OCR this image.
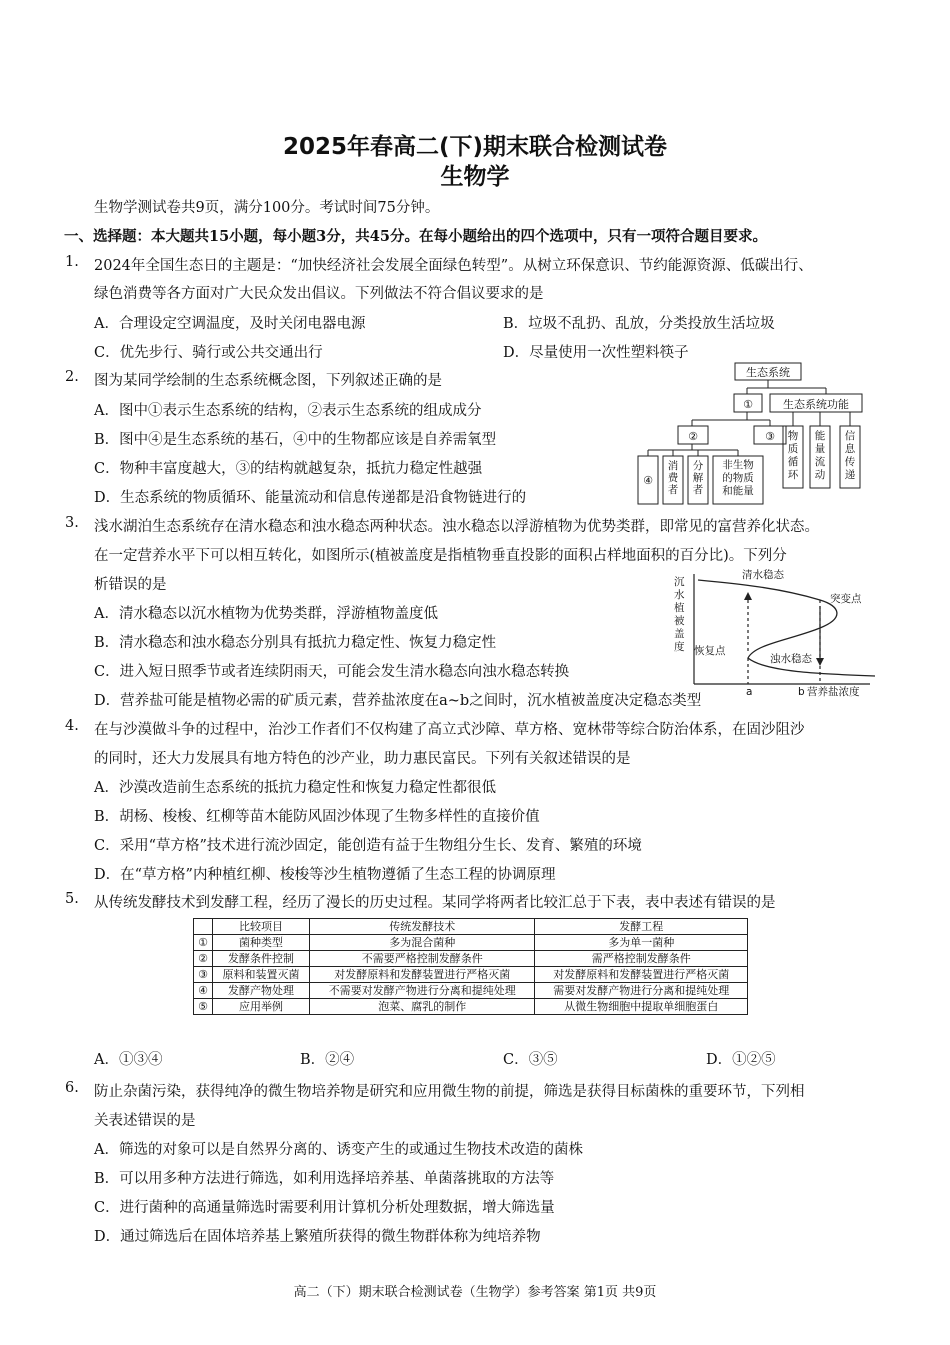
2025年春高二(下)期末联合检测试卷
生物学
生物学测试卷共9页，满分100分。考试时间75分钟。
一、选择题：本大题共15小题，每小题3分，共45分。在每小题给出的四个选项中，只有一项符合题目要求。
1. 2024年全国生态日的主题是：“加快经济社会发展全面绿色转型”。从树立环保意识、节约能源资源、低碳出行、
绿色消费等各方面对广大民众发出倡议。下列做法不符合倡议要求的是
A．合理设定空调温度，及时关闭电器电源	B．垃圾不乱扔、乱放，分类投放生活垃圾
C．优先步行、骑行或公共交通出行	D．尽量使用一次性塑料筷子
2. 图为某同学绘制的生态系统概念图，下列叙述正确的是
A．图中①表示生态系统的结构，②表示生态系统的组成成分
B．图中④是生态系统的基石，④中的生物都应该是自养需氧型
C．物种丰富度越大，③的结构就越复杂，抵抗力稳定性越强
D．生态系统的物质循环、能量流动和信息传递都是沿食物链进行的
生态系统
①	生态系统功能
②	③
④
消费者
分解者
非生物的物质和能量
物质循环
能量流动
信息传递
3. 浅水湖泊生态系统存在清水稳态和浊水稳态两种状态。浊水稳态以浮游植物为优势类群，即常见的富营养化状态。
在一定营养水平下可以相互转化，如图所示(植被盖度是指植物垂直投影的面积占样地面积的百分比)。下列分
析错误的是
A．清水稳态以沉水植物为优势类群，浮游植物盖度低
B．清水稳态和浊水稳态分别具有抵抗力稳定性、恢复力稳定性
C．进入短日照季节或者连续阴雨天，可能会发生清水稳态向浊水稳态转换
D．营养盐可能是植物必需的矿质元素，营养盐浓度在a~b之间时，沉水植被盖度决定稳态类型
清水稳态
突变点
恢复点
浊水稳态
a	b 营养盐浓度
沉水植被盖度
4. 在与沙漠做斗争的过程中，治沙工作者们不仅构建了高立式沙障、草方格、宽林带等综合防治体系，在固沙阻沙
的同时，还大力发展具有地方特色的沙产业，助力惠民富民。下列有关叙述错误的是
A．沙漠改造前生态系统的抵抗力稳定性和恢复力稳定性都很低
B．胡杨、梭梭、红柳等苗木能防风固沙体现了生物多样性的直接价值
C．采用“草方格”技术进行流沙固定，能创造有益于生物组分生长、发育、繁殖的环境
D．在“草方格”内种植红柳、梭梭等沙生植物遵循了生态工程的协调原理
5. 从传统发酵技术到发酵工程，经历了漫长的历史过程。某同学将两者比较汇总于下表，表中表述有错误的是
	比较项目	传统发酵技术	发酵工程
①	菌种类型	多为混合菌种	多为单一菌种
②	发酵条件控制	不需要严格控制发酵条件	需严格控制发酵条件
③	原料和装置灭菌	对发酵原料和发酵装置进行严格灭菌	对发酵原料和发酵装置进行严格灭菌
④	发酵产物处理	不需要对发酵产物进行分离和提纯处理	需要对发酵产物进行分离和提纯处理
⑤	应用举例	泡菜、腐乳的制作	从微生物细胞中提取单细胞蛋白
A．①③④	B．②④	C．③⑤	D．①②⑤
6. 防止杂菌污染，获得纯净的微生物培养物是研究和应用微生物的前提，筛选是获得目标菌株的重要环节，下列相
关表述错误的是
A．筛选的对象可以是自然界分离的、诱变产生的或通过生物技术改造的菌株
B．可以用多种方法进行筛选，如利用选择培养基、单菌落挑取的方法等
C．进行菌种的高通量筛选时需要利用计算机分析处理数据，增大筛选量
D．通过筛选后在固体培养基上繁殖所获得的微生物群体称为纯培养物
高二（下）期末联合检测试卷（生物学）参考答案 第1页 共9页
